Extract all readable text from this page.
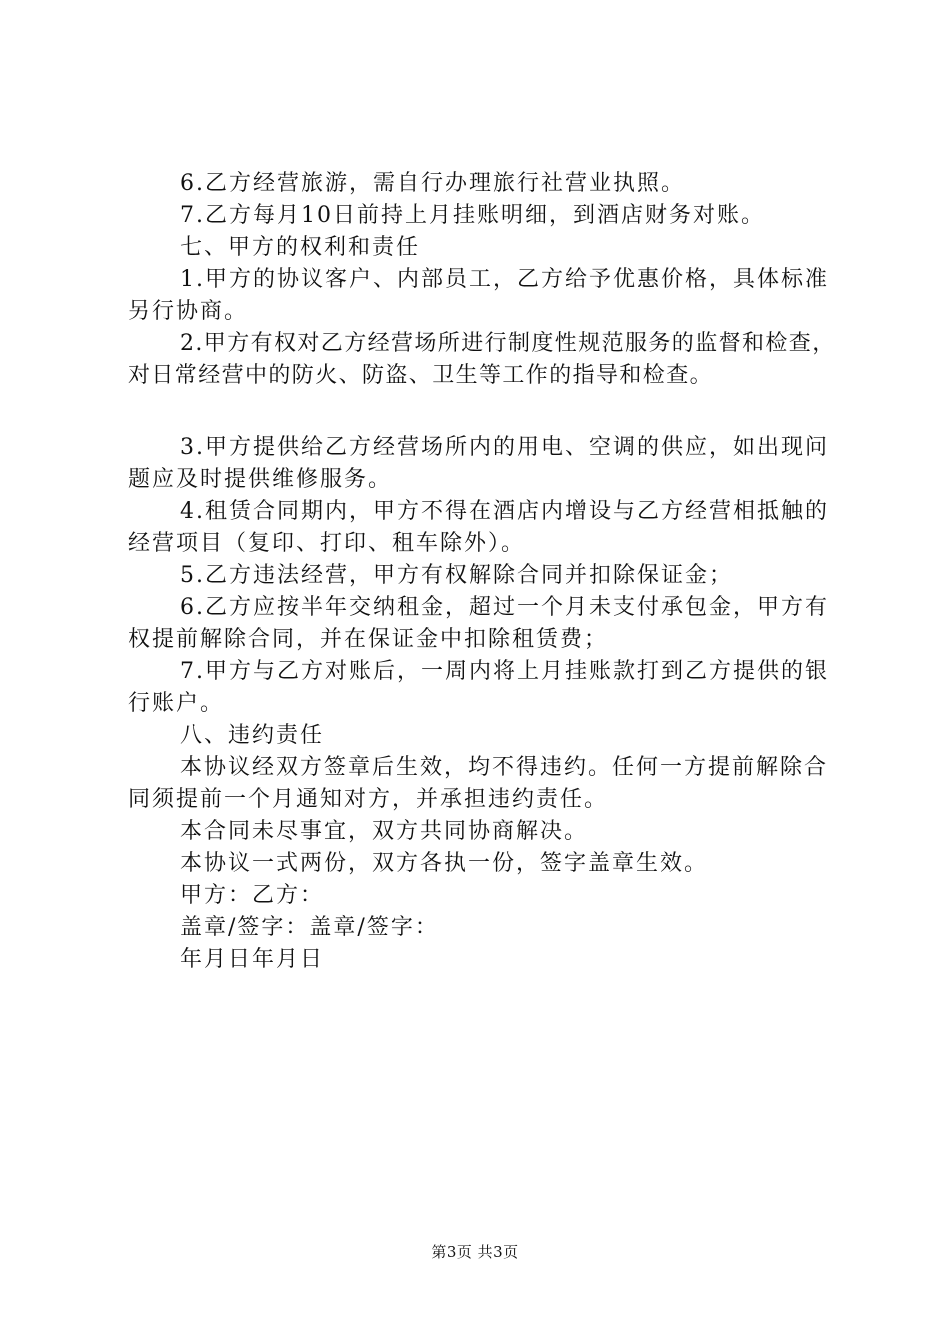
6.乙方经营旅游，需自行办理旅行社营业执照。

7.乙方每月10日前持上月挂账明细，到酒店财务对账。

七、甲方的权利和责任

1.甲方的协议客户、内部员工，乙方给予优惠价格，具体标准另行协商。

2.甲方有权对乙方经营场所进行制度性规范服务的监督和检查，对日常经营中的防火、防盗、卫生等工作的指导和检查。

3.甲方提供给乙方经营场所内的用电、空调的供应，如出现问题应及时提供维修服务。

4.租赁合同期内，甲方不得在酒店内增设与乙方经营相抵触的经营项目（复印、打印、租车除外）。

5.乙方违法经营，甲方有权解除合同并扣除保证金；

6.乙方应按半年交纳租金，超过一个月未支付承包金，甲方有权提前解除合同，并在保证金中扣除租赁费；

7.甲方与乙方对账后，一周内将上月挂账款打到乙方提供的银行账户。

八、违约责任

本协议经双方签章后生效，均不得违约。任何一方提前解除合同须提前一个月通知对方，并承担违约责任。

本合同未尽事宜，双方共同协商解决。

本协议一式两份，双方各执一份，签字盖章生效。

甲方：乙方：

盖章/签字：盖章/签字：

年月日年月日

第3页 共3页
